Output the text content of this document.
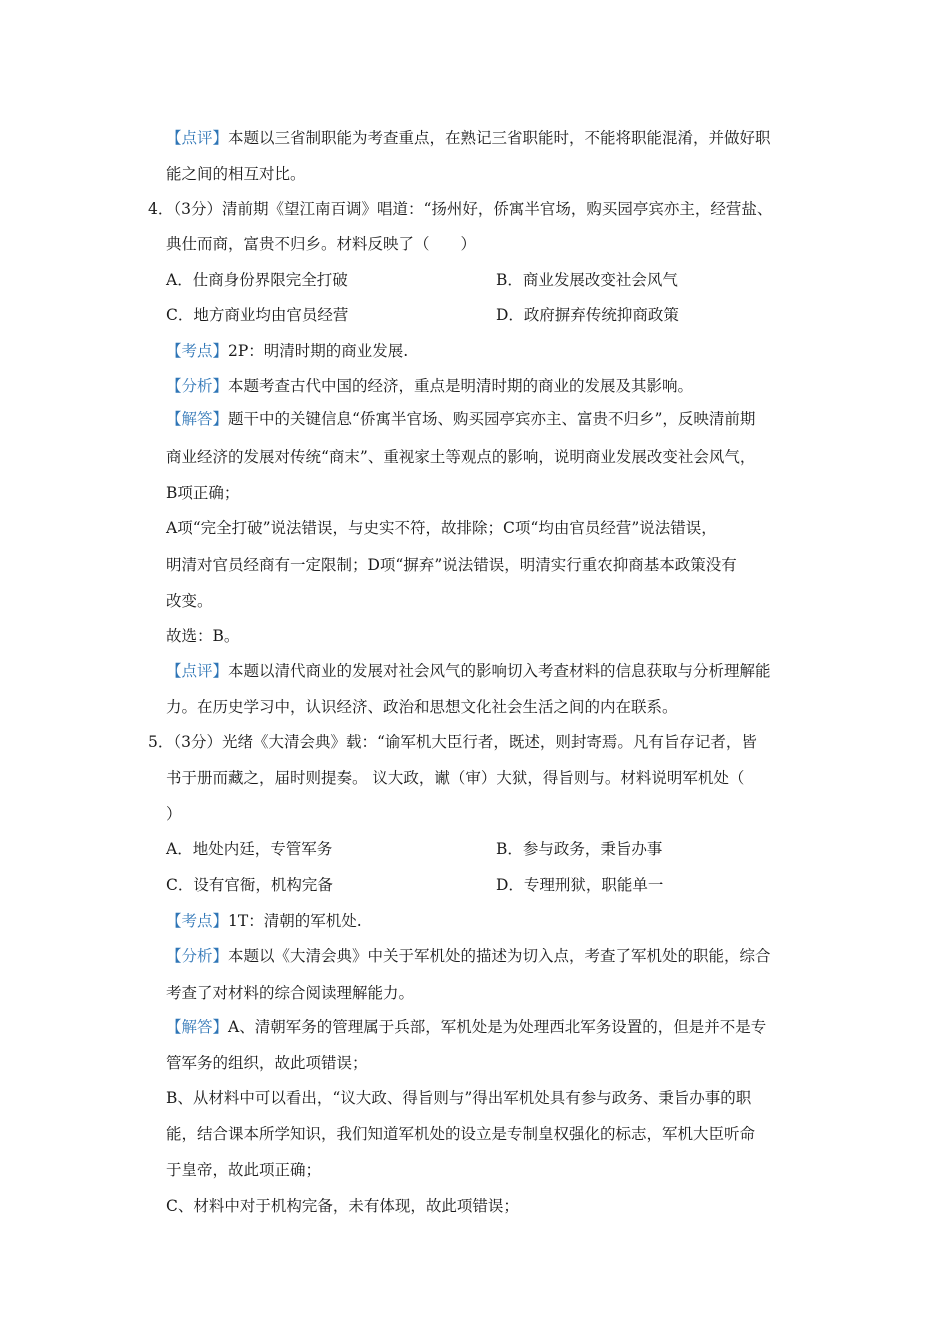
【点评】本题以三省制职能为考查重点，在熟记三省职能时，不能将职能混淆，并做好职
能之间的相互对比。
4．（3分）清前期《望江南百调》唱道：“扬州好，侨寓半官场，购买园亭宾亦主，经营盐、
典仕而商，富贵不归乡。材料反映了（　　）
A．仕商身份界限完全打破	B．商业发展改变社会风气
C．地方商业均由官员经营	D．政府摒弃传统抑商政策
【考点】2P：明清时期的商业发展.
【分析】本题考查古代中国的经济，重点是明清时期的商业的发展及其影响。
【解答】题干中的关键信息“侨寓半官场、购买园亭宾亦主、富贵不归乡”，反映清前期
商业经济的发展对传统“商末”、重视家土等观点的影响，说明商业发展改变社会风气，
B项正确；
A项“完全打破”说法错误，与史实不符，故排除；C项“均由官员经营”说法错误，
明清对官员经商有一定限制；D项“摒弃”说法错误，明清实行重农抑商基本政策没有
改变。
故选：B。
【点评】本题以清代商业的发展对社会风气的影响切入考查材料的信息获取与分析理解能
力。在历史学习中，认识经济、政治和思想文化社会生活之间的内在联系。
5．（3分）光绪《大清会典》载：“谕军机大臣行者，既述，则封寄焉。凡有旨存记者，皆
书于册而藏之，届时则提奏。 议大政，谳（审）大狱，得旨则与。材料说明军机处（
）
A．地处内廷，专管军务	B．参与政务，秉旨办事
C．设有官衙，机构完备	D．专理刑狱，职能单一
【考点】1T：清朝的军机处.
【分析】本题以《大清会典》中关于军机处的描述为切入点，考查了军机处的职能，综合
考查了对材料的综合阅读理解能力。
【解答】A、清朝军务的管理属于兵部，军机处是为处理西北军务设置的，但是并不是专
管军务的组织，故此项错误；
B、从材料中可以看出，“议大政、得旨则与”得出军机处具有参与政务、秉旨办事的职
能，结合课本所学知识，我们知道军机处的设立是专制皇权强化的标志，军机大臣听命
于皇帝，故此项正确；
C、材料中对于机构完备，未有体现，故此项错误；
